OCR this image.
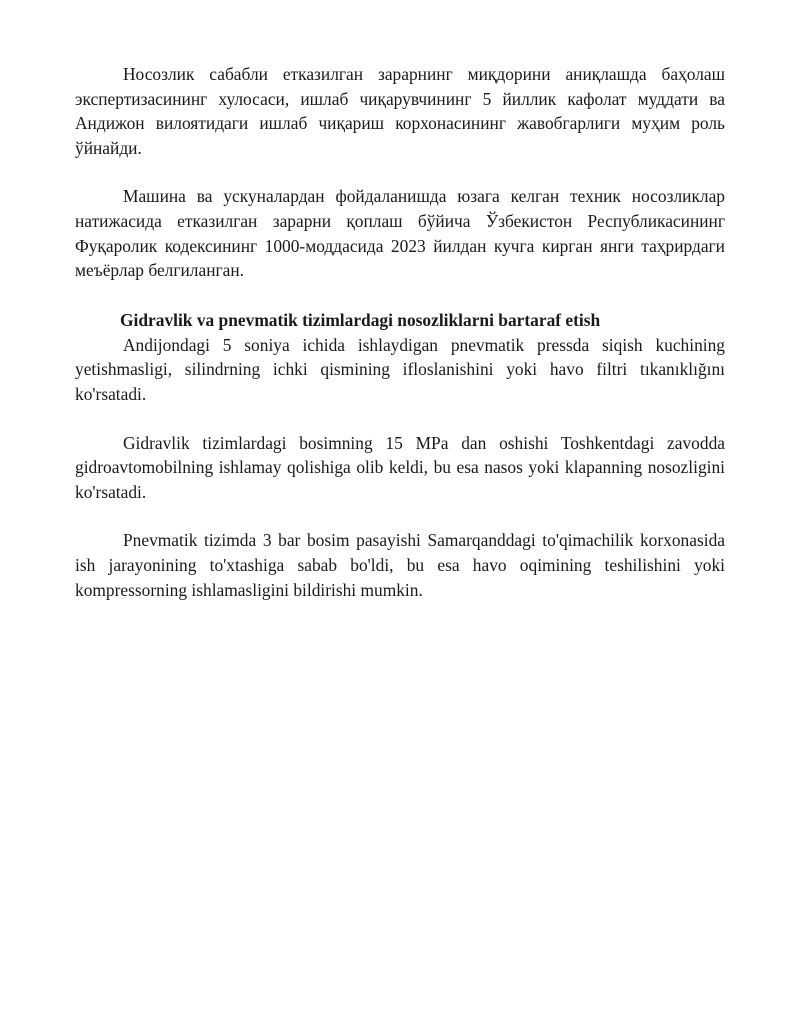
Носозлик сабабли етказилган зарарнинг миқдорини аниқлашда баҳолаш экспертизасининг хулосаси, ишлаб чиқарувчининг 5 йиллик кафолат муддати ва Андижон вилоятидаги ишлаб чиқариш корхонасининг жавобгарлиги муҳим роль ўйнайди.

Машина ва ускуналардан фойдаланишда юзага келган техник носозликлар натижасида етказилган зарарни қоплаш бўйича Ўзбекистон Республикасининг Фуқаролик кодексининг 1000-моддасида 2023 йилдан кучга кирган янги таҳрирдаги меъёрлар белгиланган.

Gidravlik va pnevmatik tizimlardagi nosozliklarni bartaraf etish

Andijondagi 5 soniya ichida ishlaydigan pnevmatik pressda siqish kuchining yetishmasligi, silindrning ichki qismining ifloslanishini yoki havo filtri tıkanıklığını ko'rsatadi.

Gidravlik tizimlardagi bosimning 15 MPa dan oshishi Toshkentdagi zavodda gidroavtomobilning ishlamay qolishiga olib keldi, bu esa nasos yoki klapanning nosozligini ko'rsatadi.

Pnevmatik tizimda 3 bar bosim pasayishi Samarqanddagi to'qimachilik korxonasida ish jarayonining to'xtashiga sabab bo'ldi, bu esa havo oqimining teshilishini yoki kompressorning ishlamasligini bildirishi mumkin.
